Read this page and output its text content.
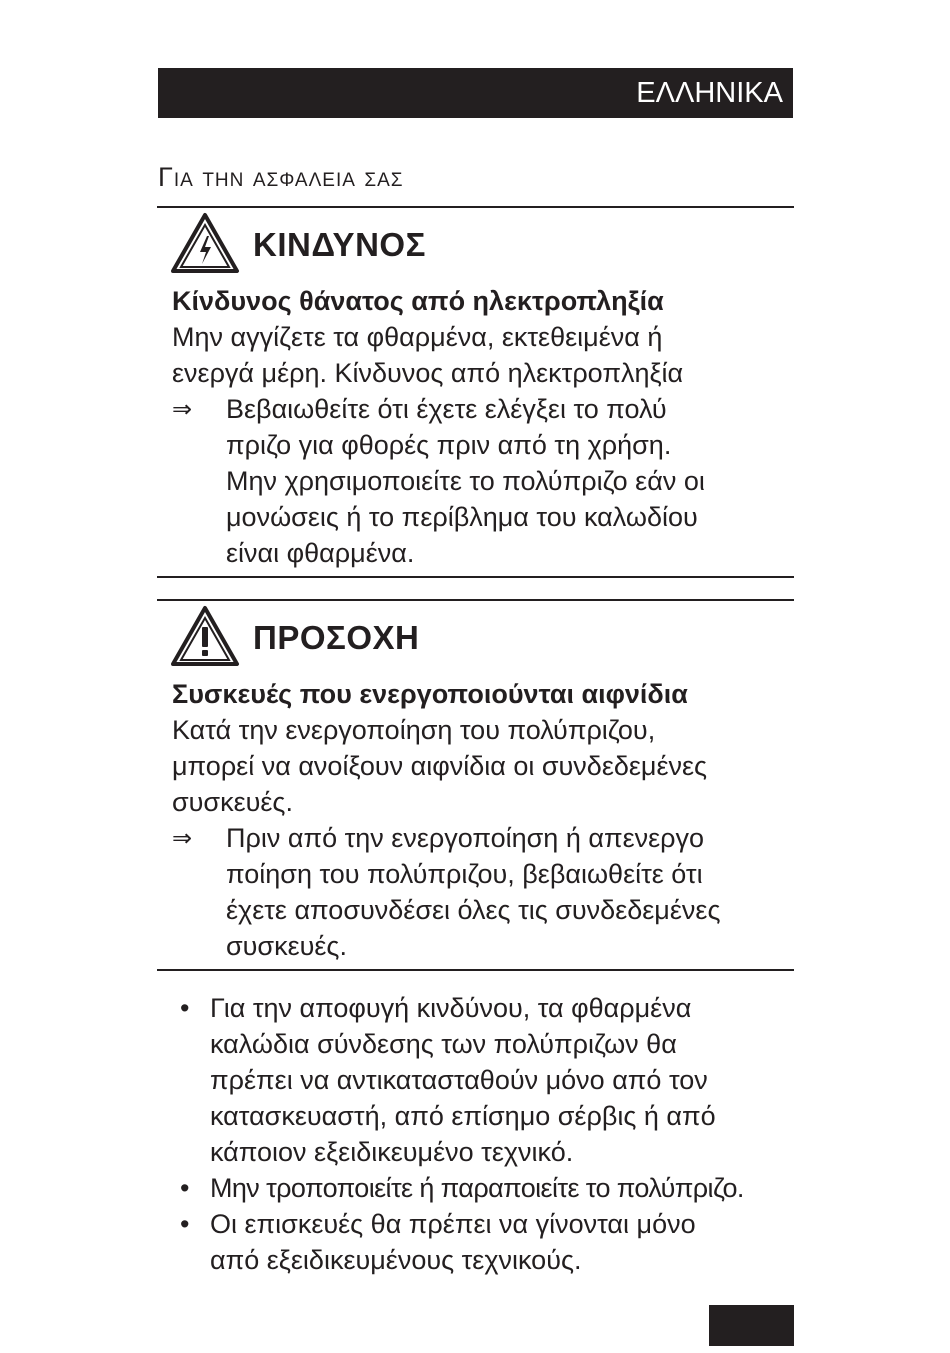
ΕΛΛΗΝΙΚΑ
Για την ασφαλεια σας
ΚΙΝΔΥΝΟΣ
Κίνδυνος θάνατος από ηλεκτροπληξία
Μην αγγίζετε τα φθαρμένα, εκτεθειμένα ή
ενεργά μέρη. Κίνδυνος από ηλεκτροπληξία
⇒ Βεβαιωθείτε ότι έχετε ελέγξει το πολύ
πριζο για φθορές πριν από τη χρήση.
Μην χρησιμοποιείτε το πολύπριζο εάν οι
μονώσεις ή το περίβλημα του καλωδίου
είναι φθαρμένα.
ΠΡΟΣΟΧΗ
Συσκευές που ενεργοποιούνται αιφνίδια
Κατά την ενεργοποίηση του πολύπριζου,
μπορεί να ανοίξουν αιφνίδια οι συνδεδεμένες
συσκευές.
⇒ Πριν από την ενεργοποίηση ή απενεργο
ποίηση του πολύπριζου, βεβαιωθείτε ότι
έχετε αποσυνδέσει όλες τις συνδεδεμένες
συσκευές.
• Για την αποφυγή κινδύνου, τα φθαρμένα
καλώδια σύνδεσης των πολύπριζων θα
πρέπει να αντικατασταθούν μόνο από τον
κατασκευαστή, από επίσημο σέρβις ή από
κάποιον εξειδικευμένο τεχνικό.
• Μην τροποποιείτε ή παραποιείτε το πολύπριζο.
• Οι επισκευές θα πρέπει να γίνονται μόνο
από εξειδικευμένους τεχνικούς.
